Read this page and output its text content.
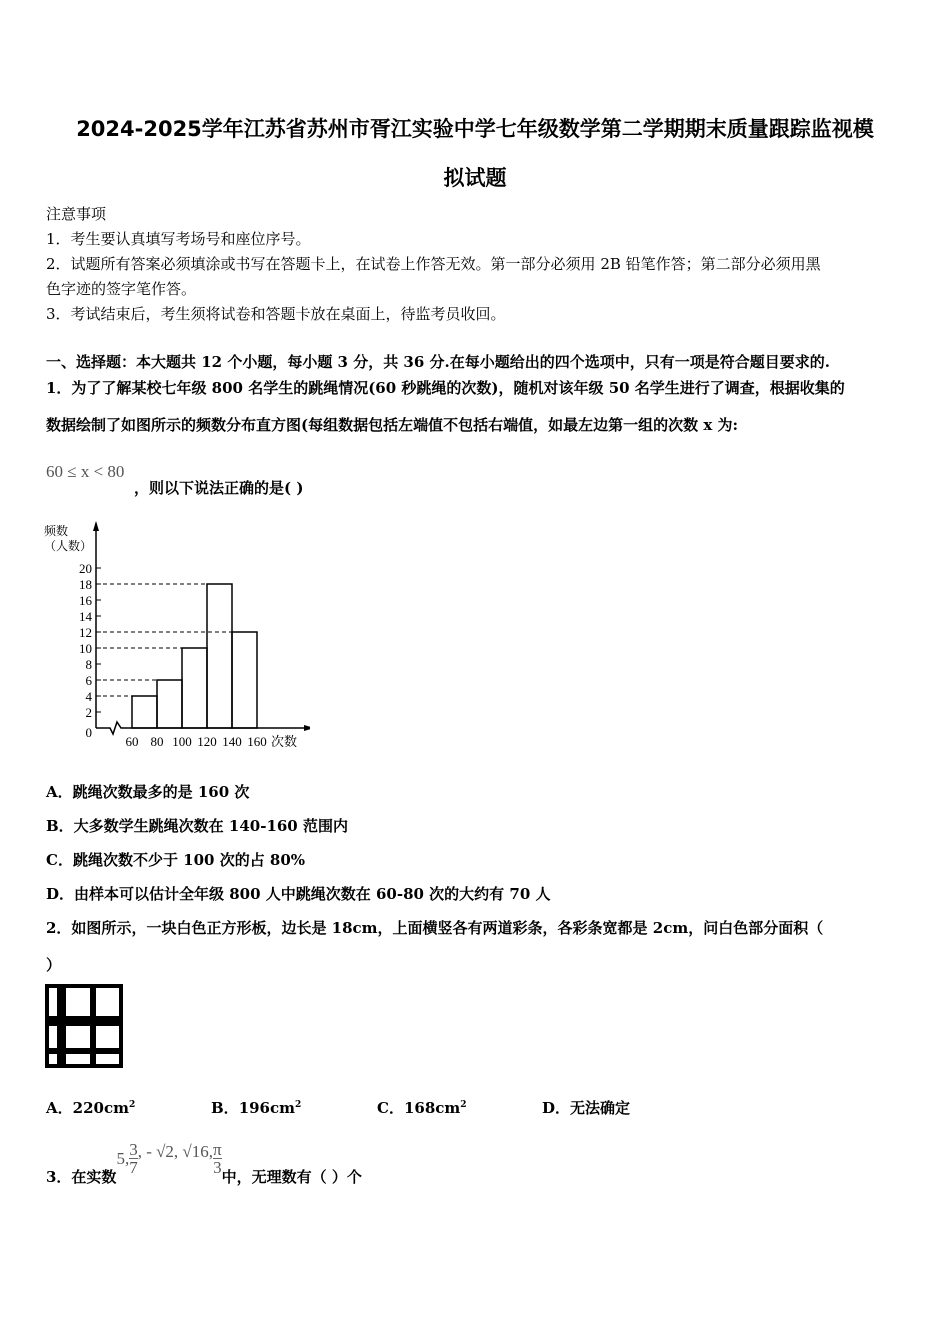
2024-2025学年江苏省苏州市胥江实验中学七年级数学第二学期期末质量跟踪监视模
拟试题
注意事项
1．考生要认真填写考场号和座位序号。
2．试题所有答案必须填涂或书写在答题卡上，在试卷上作答无效。第一部分必须用 2B 铅笔作答；第二部分必须用黑
色字迹的签字笔作答。
3．考试结束后，考生须将试卷和答题卡放在桌面上，待监考员收回。
一、选择题：本大题共 12 个小题，每小题 3 分，共 36 分.在每小题给出的四个选项中，只有一项是符合题目要求的.
1．为了了解某校七年级 800 名学生的跳绳情况(60 秒跳绳的次数)，随机对该年级 50 名学生进行了调查，根据收集的
数据绘制了如图所示的频数分布直方图(每组数据包括左端值不包括右端值，如最左边第一组的次数 x 为:
60 ≤ x < 80
，则以下说法正确的是( )
0
2
4
6
8
10
12
14
16
18
20
60 80 100 120 140 160 次数
频数（人数）
A．跳绳次数最多的是 160 次
B．大多数学生跳绳次数在 140-160 范围内
C．跳绳次数不少于 100 次的占 80%
D．由样本可以估计全年级 800 人中跳绳次数在 60-80 次的大约有 70 人
2．如图所示，一块白色正方形板，边长是 18cm，上面横竖各有两道彩条，各彩条宽都是 2cm，问白色部分面积（
）
A．$220cm^2$	B．$196cm^2$	C．$168cm^2$	D．无法确定
3．在实数
5, $\frac{3}{7}$ , - √2, √16, $\frac{\pi}{3}$
中，无理数有（ ）个
